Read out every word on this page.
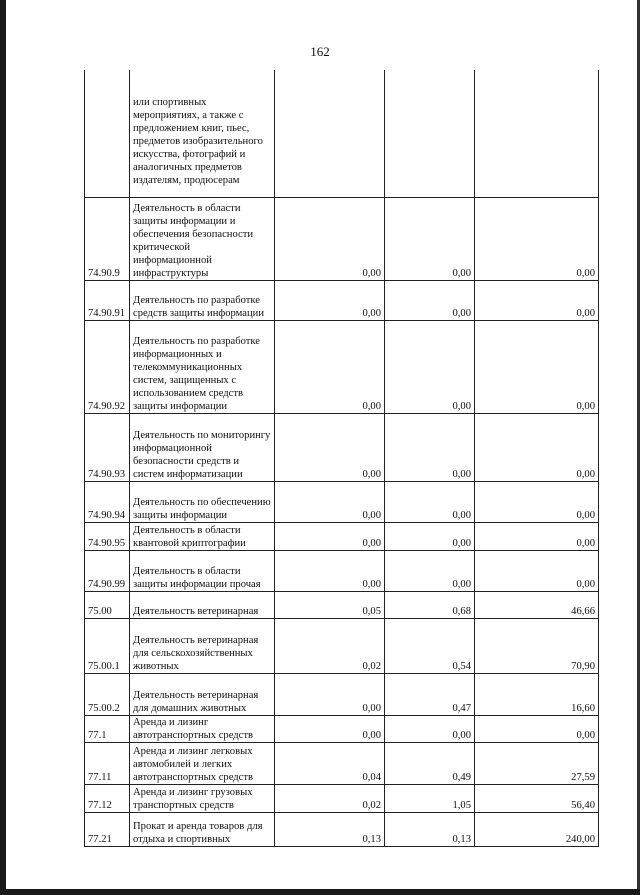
162
	или спортивных мероприятиях, а также с предложением книг, пьес, предметов изобразительного искусства, фотографий и аналогичных предметов издателям, продюсерам			
74.90.9	Деятельность в области защиты информации и обеспечения безопасности критической информационной инфраструктуры	0,00	0,00	0,00
74.90.91	Деятельность по разработке средств защиты информации	0,00	0,00	0,00
74.90.92	Деятельность по разработке информационных и телекоммуникационных систем, защищенных с использованием средств защиты информации	0,00	0,00	0,00
74.90.93	Деятельность по мониторингу информационной безопасности средств и систем информатизации	0,00	0,00	0,00
74.90.94	Деятельность по обеспечению защиты информации	0,00	0,00	0,00
74.90.95	Деятельность в области квантовой криптографии	0,00	0,00	0,00
74.90.99	Деятельность в области защиты информации прочая	0,00	0,00	0,00
75.00	Деятельность ветеринарная	0,05	0,68	46,66
75.00.1	Деятельность ветеринарная для сельскохозяйственных животных	0,02	0,54	70,90
75.00.2	Деятельность ветеринарная для домашних животных	0,00	0,47	16,60
77.1	Аренда и лизинг автотранспортных средств	0,00	0,00	0,00
77.11	Аренда и лизинг легковых автомобилей и легких автотранспортных средств	0,04	0,49	27,59
77.12	Аренда и лизинг грузовых транспортных средств	0,02	1,05	56,40
77.21	Прокат и аренда товаров для отдыха и спортивных	0,13	0,13	240,00
